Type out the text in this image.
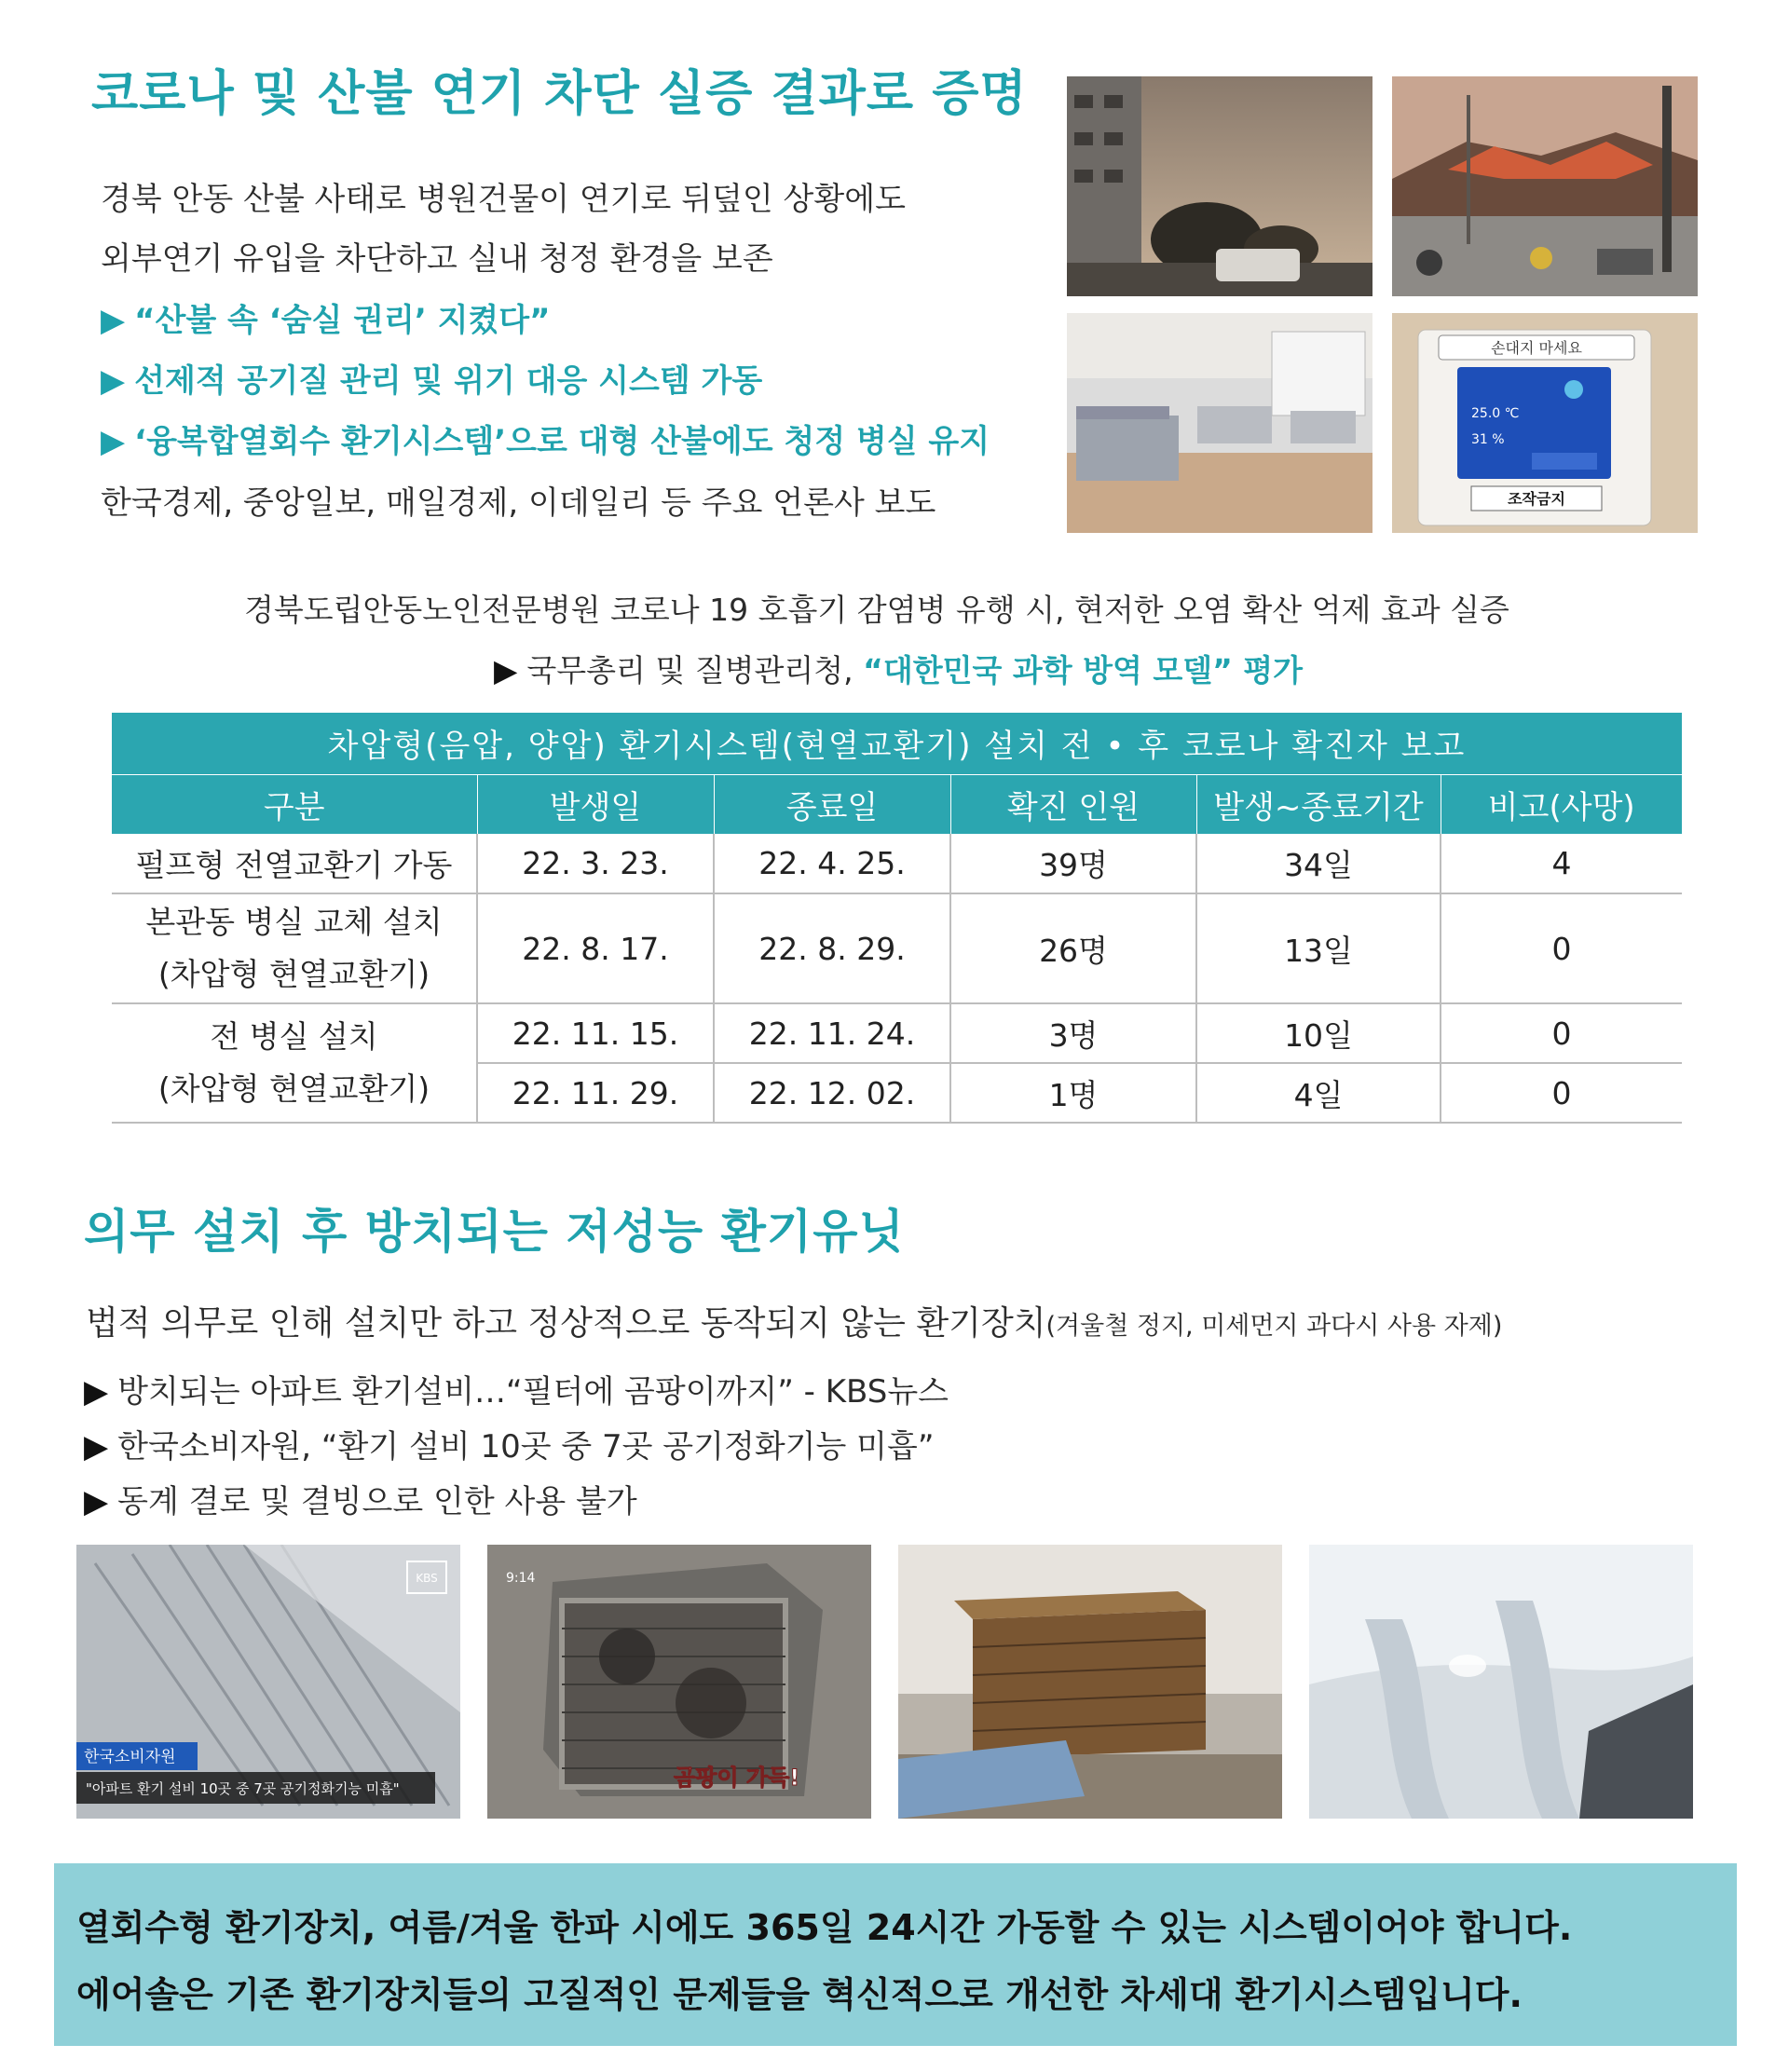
코로나 및 산불 연기 차단 실증 결과로 증명
경북 안동 산불 사태로 병원건물이 연기로 뒤덮인 상황에도
외부연기 유입을 차단하고 실내 청정 환경을 보존
▶ “산불 속 ‘숨실 권리’ 지켰다”
▶ 선제적 공기질 관리 및 위기 대응 시스템 가동
▶ ‘융복합열회수 환기시스템’으로 대형 산불에도 청정 병실 유지
한국경제, 중앙일보, 매일경제, 이데일리 등 주요 언론사 보도
손대지 마세요
25.0 ℃
31 %
조작금지
경북도립안동노인전문병원 코로나 19 호흡기 감염병 유행 시, 현저한 오염 확산 억제 효과 실증
▶ 국무총리 및 질병관리청, “대한민국 과학 방역 모델” 평가
차압형(음압, 양압) 환기시스템(현열교환기) 설치 전 • 후 코로나 확진자 보고					
구분	발생일	종료일	확진 인원	발생~종료기간	비고(사망)
펄프형 전열교환기 가동	22. 3. 23.	22. 4. 25.	39명	34일	4

본관동 병실 교체 설치
(차압형 현열교환기)	22. 8. 17.	22. 8. 29.	26명	13일	0

전 병실 설치
(차압형 현열교환기)	22. 11. 15.	22. 11. 24.	3명	10일	0
	22. 11. 29.	22. 12. 02.	1명	4일	0
의무 설치 후 방치되는 저성능 환기유닛
법적 의무로 인해 설치만 하고 정상적으로 동작되지 않는 환기장치(겨울철 정지, 미세먼지 과다시 사용 자제)
▶ 방치되는 아파트 환기설비…“필터에 곰팡이까지” - KBS뉴스
▶ 한국소비자원, “환기 설비 10곳 중 7곳 공기정화기능 미흡”
▶ 동계 결로 및 결빙으로 인한 사용 불가
KBS
한국소비자원
"아파트 환기 설비 10곳 중 7곳 공기정화기능 미흡"
9:14
곰팡이 가득!
열회수형 환기장치, 여름/겨울 한파 시에도 365일 24시간 가동할 수 있는 시스템이어야 합니다.
에어솔은 기존 환기장치들의 고질적인 문제들을 혁신적으로 개선한 차세대 환기시스템입니다.
